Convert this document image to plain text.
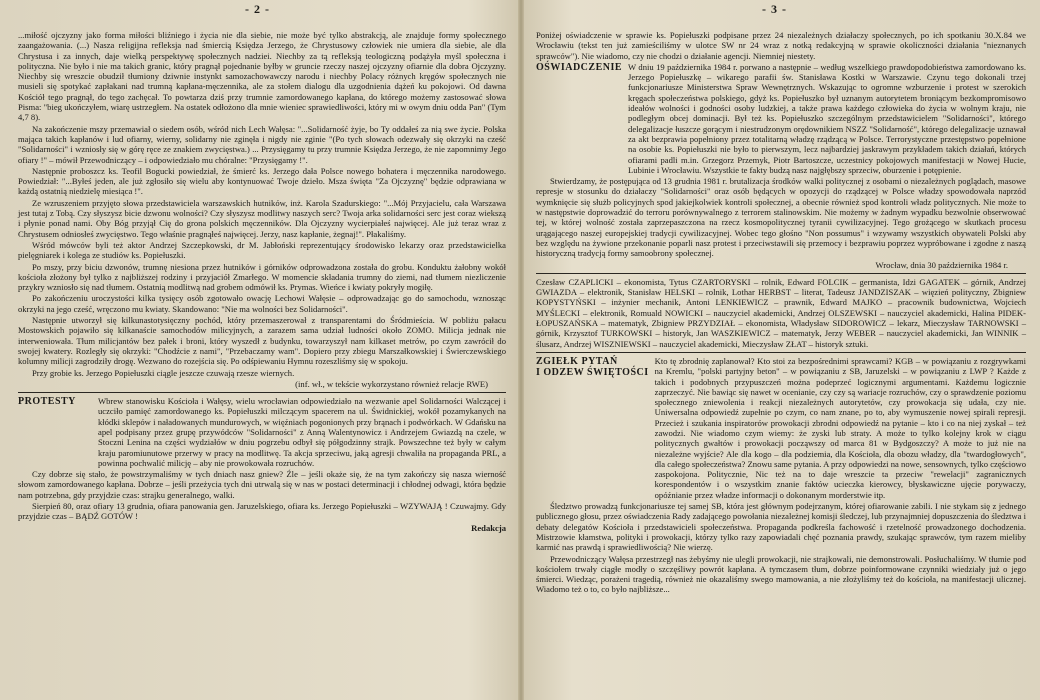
- 2 -

...miłość ojczyzny jako forma miłości bliźniego i życia nie dla siebie, nie może być tylko abstrakcją, ale znajduje formy społecznego zaangażowania. (...) Nasza religijna refleksja nad śmiercią Księdza Jerzego, że Chrystusowy człowiek nie umiera dla siebie, ale dla Chrystusa i za innych, daje wielką perspektywę społecznych nadziei. Niechby za tą refleksją teologiczną podążyła myśl społeczna i polityczna. Nie było i nie ma takich granic, który pragnął pojednanie byłby w gruncie rzeczy naszej ojczyzny ofiarnie dla dobra Ojczyzny. Niechby się wreszcie obudził tłumiony dziwnie instynkt samozachowawczy narodu i niechby Polacy różnych kręgów społecznych nie musieli się spotykać zapłakani nad trumną kapłana-męczennika, ale za stołem dialogu dla uzgodnienia dążeń ku pokojowi. Od dawna Kościół tego pragnął, do tego zachęcał. To powtarza dziś przy trumnie zamordowanego kapłana, do którego możemy zastosować słowa Pisma: "bieg ukończyłem, wiarę ustrzegłem. Na ostatek odłożono dla mnie wieniec sprawiedliwości, który mi w owym dniu odda Pan" (Tym 4,7 8).

Na zakończenie mszy przemawiał o siedem osób, wśród nich Lech Wałęsa: "...Solidarność żyje, bo Ty oddałeś za nią swe życie. Polska mająca takich kapłanów i lud ofiarny, wierny, solidarny nie zginęła i nigdy nie zginie "(Po tych słowach odezwały się okrzyki na cześć "Solidarności" i wzniosły się w górę ręce ze znakiem zwycięstwa.) ... Przysięgamy tu przy trumnie Księdza Jerzego, że nie zapomnimy Jego ofiary !" – mówił Przewodniczący – i odpowiedziało mu chóralne: "Przysięgamy !".

Następnie proboszcz ks. Teofil Bogucki powiedział, że śmierć ks. Jerzego dała Polsce nowego bohatera i męczennika narodowego. Powiedział: "...Byłeś jeden, ale już zgłosiło się wielu aby kontynuować Twoje dzieło. Msza święta "Za Ojczyznę" będzie odprawiana w każdą ostatnią niedzielę miesiąca !".

Ze wzruszeniem przyjęto słowa przedstawiciela warszawskich hutników, inż. Karola Szadurskiego: "...Mój Przyjacielu, cała Warszawa jest tutaj z Tobą. Czy słyszysz bicie dzwonu wolności? Czy słyszysz modlitwy naszych serc? Twoja arka solidarności serc jest coraz wiekszą i płynie ponad nami. Oby Bóg przyjął Cię do grona polskich męczenników. Dla Ojczyzny wycierpiałeś najwięcej. Ale już teraz wraz z Chrystusem odniosłeś zwycięstwo. Tego właśnie pragnąłeś najwięcej. Jerzy, nasz kapłanie, żegnaj!". Płakaliśmy.

Wśród mówców byli też aktor Andrzej Szczepkowski, dr M. Jabłoński reprezentujący środowisko lekarzy oraz przedstawicielka pielęgniarek i kolega ze studiów ks. Popiełuszki.

Po mszy, przy biciu dzwonów, trumnę niesiona przez hutników i górników odprowadzona została do grobu. Konduktu żałobny wokół kościoła złożony był tylko z najbliższej rodziny i przyjaciół Zmarłego. W momencie składania trumny do ziemi, nad tłumem niezliczenie przykry wzniosło się nad tłumem. Ostatnią modlitwą nad grobem odmówił ks. Prymas. Wieńce i kwiaty pokryły mogiłę.

Po zakończeniu uroczystości kilka tysięcy osób zgotowało owację Lechowi Wałęsie – odprowadzając go do samochodu, wznosząc okrzyki na jego cześć, wręczono mu kwiaty. Skandowano: "Nie ma wolności bez Solidarności".

Następnie utworzył się kilkunastotysięczny pochód, który przemaszerował z transparentami do Śródmieścia. W pobliżu pałacu Mostowskich pojawiło się kilkanaście samochodów milicyjnych, a zarazem sama udział ludności około ZOMO. Milicja jednak nie interweniowała. Tłum milicjantów bez pałek i broni, który wyszedł z budynku, towarzyszył nam kilkaset metrów, po czym zawrócił do swojej kwatery. Rozległy się okrzyki: "Chodźcie z nami", "Przebaczamy wam". Dopiero przy zbiegu Marszałkowskiej i Świerczewskiego kolumny milicji zagrodziły drogę. Wezwano do rozejścia się. Po odśpiewaniu Hymnu rozeszliśmy się w spokoju.

Przy grobie ks. Jerzego Popiełuszki ciągle jeszcze czuwają rzesze wiernych.

(inf. wł., w tekście wykorzystano również relacje RWE)
PROTESTY	Wbrew stanowisku Kościoła i Wałęsy, wielu wrocławian odpowiedziało na wezwanie apel Solidarności Walczącej i uczciło pamięć zamordowanego ks. Popiełuszki milczącym spacerem na ul. Świdnickiej, wokół pozamykanych na kłódki sklepów i naładowanych mundurowych, w więźniach pogonionych przy brąnach i podwórkach. W Gdańsku na apel podpisany przez grupę przywódców "Solidarności" z Anną Walentynowicz i Andrzejem Gwiazdą na czele, w Stoczni Lenina na części wydziałów w dniu pogrzebu odbył się półgodzinny strajk. Powszechne też były w całym kraju paromiunutowe przerwy w pracy na modlitwę. Ta akcja sprzeciwu, jaką agresji chwaliła na propaganda PRL, a powinna pochwalić milicję – aby nie prowokowała rozruchów.

Czy dobrze się stało, że powstrzymaliśmy w tych dniach nasz gniew? Źle – jeśli okaże się, że na tym zakończy się nasza wierność słowom zamordowanego kapłana. Dobrze – jeśli przeżycia tych dni utrwalą się w nas w postaci determinacji i chłodnej odwagi, która będzie nam potrzebna, gdy przyjdzie czas: strajku generalnego, walki.

Sierpień 80, oraz ofiary 13 grudnia, ofiara panowania gen. Jaruzelskiego, ofiara ks. Jerzego Popiełuszki – WZYWAJĄ ! Czuwajmy. Gdy przyjdzie czas – BĄDŹ GOTÓW !

Redakcja
- 3 -

Poniżej oświadczenie w sprawie ks. Popiełuszki podpisane przez 24 niezależnych działaczy społecznych, po ich spotkaniu 30.X.84 we Wrocławiu (tekst ten już zamieściliśmy w ulotce SW nr 24 wraz z notką redakcyjną w sprawie okoliczności działania "nieznanych sprawców"). Nie wiadomo, czy nie chodzi o działanie agencji. Niemniej niestety.

OŚWIADCZENIE W dniu 19 października 1984 r. porwano a następnie – według wszelkiego prawdopodobieństwa zamordowano ks. Jerzego Popiełuszkę – wikarego parafii św. Stanisława Kostki w Warszawie. Czynu tego dokonali trzej funkcjonariusze Ministerstwa Spraw Wewnętrznych. Wskazując to ogromne wzburzenie i protest w szerokich kręgach społeczeństwa polskiego, gdyż ks. Popiełuszko był uznanym autorytetem broniącym bezkompromisowo ideałów wolności i godności osoby ludzkiej, a także prawa każdego człowieka do życia w wolnym kraju, nie podległym obcej dominacji. Był też ks. Popiełuszko szczególnym przedstawicielem "Solidarności", którego delegalizacje łuszcze gorącym i niestrudzonym orędownikiem NSZZ "Solidarność", którego delegalizacje uznawał za akt bezprawia popełniony przez totalitarną władzę rządzącą w Polsce. Terrorystyczne przestępstwo popełnione na osobie ks. Popiełuszki nie było to pierwszym, lecz najbardziej jaskrawym przykładem takich działań, których ofiarami padli m.in. Grzegorz Przemyk, Piotr Bartoszcze, uczestnicy pokojowych manifestacji w Nowej Hucie, Lubinie i Wrocławiu. Wszystkie te fakty budzą nasz najgłębszy sprzeciw, oburzenie i potępienie.

Stwierdzamy, że postępująca od 13 grudnia 1981 r. brutalizacja środków walki politycznej z osobami o niezależnych poglądach, masowe represje w stosunku do działaczy "Solidarności" oraz osób będących w opozycji do rządzącej w Polsce władzy spowodowała naprzód wymknięcie się służb policyjnych spod jakiejkolwiek kontroli społecznej, a obecnie również spod kontroli władz politycznych. Nie może to w następstwie doprowadzić do terroru porównywalnego z terrorem stalinowskim. Nie możemy w żadnym wypadku bezwolnie obserwować tej, w której wolność została zaprzepaszczona na rzecz kosmopolitycznej tyranii cywilizacyjnej. Tego grożącego w skutkach procesu urągającego naszej europejskiej tradycji cywilizacyjnej. Wobec tego głośno "Non possumus" i wzywamy wszystkich obywateli Polski aby bez względu na żywione przekonanie poparli nasz protest i przeciwstawili się przemocy i bezprawiu poprzez wypróbowane i zgodne z naszą historyczną tradycją formy samoobrony społecznej.

Wrocław, dnia 30 października 1984 r.

Czesław CZAPLICKI – ekonomista, Tytus CZARTORYSKI – rolnik, Edward FOLCIK – germanista, Idzi GAGATEK – górnik, Andrzej GWIAZDA – elektronik, Stanisław HELSKI – rolnik, Lothar HERBST – literat, Tadeusz JANDZISZAK – więzień polityczny, Zbigniew KOPYSTYŃSKI – inżynier mechanik, Antoni LENKIEWICZ – prawnik, Edward MAJKO – pracownik budownictwa, Wojciech MYŚLECKI – elektronik, Romuald NOWICKI – nauczyciel akademicki, Andrzej OLSZEWSKI – nauczyciel akademicki, Halina PIDEK-ŁOPUSZAŃSKA – matematyk, Zbigniew PRZYDZIAŁ – ekonomista, Władysław SIDOROWICZ – lekarz, Mieczysław TARNOWSKI – górnik, Krzysztof TURKOWSKI – historyk, Jan WASZKIEWICZ – matematyk, Jerzy WEBER – nauczyciel akademicki, Jan WINNIK – ślusarz, Andrzej WISZNIEWSKI – nauczyciel akademicki, Mieczysław ZŁAT – historyk sztuki.

ZGIEŁK PYTAŃ
I ODZEW ŚWIĘTOŚCI

Kto tę zbrodnię zaplanował? Kto stoi za bezpośrednimi sprawcami? KGB – w powiązaniu z rozgrywkami na Kremlu, "polski partyjny beton" – w powiązaniu z SB, Jaruzelski – w powiązaniu z LWP ? Każde z takich i podobnych przypuszczeń można podeprzeć logicznymi argumentami. Każdemu logicznie zaprzeczyć. Nie bawiąc się nawet w ocenianie, czy czy są wariacje rozruchów, czy o sprawdzenie poziomu społecznego zniewolenia i reakcji niezależnych autorytetów, czy prowokacja się udała, czy nie. Uniwersalna odpowiedź zupełnie po czym, co nam znane, po to, aby wymuszenie nowej spirali represji. Przecież i szukania inspiratorów prowokacji zbrodni odpowiedź na pytanie – kto i co na niej zyskał – też zawodzi. Nie wiadomo czym wiemy: że zyski lub straty. A może to tylko kolejny krok w ciągu politycznych gwałtów i prowokacji począwszy od marca 81 w Bydgoszczy? A może to już nie na niezależne wyjście? Ale dla kogo – dla podziemia, dla Kościoła, dla obozu władzy, dla "twardogłowych", dla całego społeczeństwa? Znowu same pytania. A przy odpowiedzi na nowe, sensownych, tylko częściowo zaspokojona. Politycznie, Nic też na to daje wreszcie ta przeciw "rewelacji" zagranicznych korespondentów i o wszystkim znanie faktów ucieczka kierowcy, błyskawiczne ujęcie porywaczy, opóźnianie przez władze informacji o dokonanym morderstwie itp.

Śledztwo prowadzą funkcjonariusze tej samej SB, która jest głównym podejrzanym, której ofiarowanie zabili. I nie stykam się z jednego publicznego głosu, przez oświadczenia Rady zadającego powołania niezależnej komisji śledczej, lub przynajmniej dopuszczenia do śledztwa i debaty delegatów Kościoła i przedstawicieli społeczeństwa. Propaganda podkreśla fachowość i rzetelność prowadzonego dochodzenia. Mistrzowie kłamstwa, polityki i prowokacji, którzy tylko razy zapowiadali chęć poznania prawdy, szukając sprawców, tym razem mieliby karmić nas prawdą i sprawiedliwością? Nie wierzę.

Przewodniczący Wałęsa przestrzegł nas żebyśmy nie ulegli prowokacji, nie strajkowali, nie demonstrowali. Posłuchaliśmy. W tłumie pod kościołem trwały ciągłe modły o szczęśliwy powrót kapłana. A tymczasem tłum, dobrze poinformowane czynniki wiedziały już o jego śmierci. Wiedząc, porażeni tragedią, również nie okazaliśmy swego mamowania, a nie złożyliśmy też do kościoła, na manifestacji ulicznej. Wiadomo też o to, co było najbliższe...
